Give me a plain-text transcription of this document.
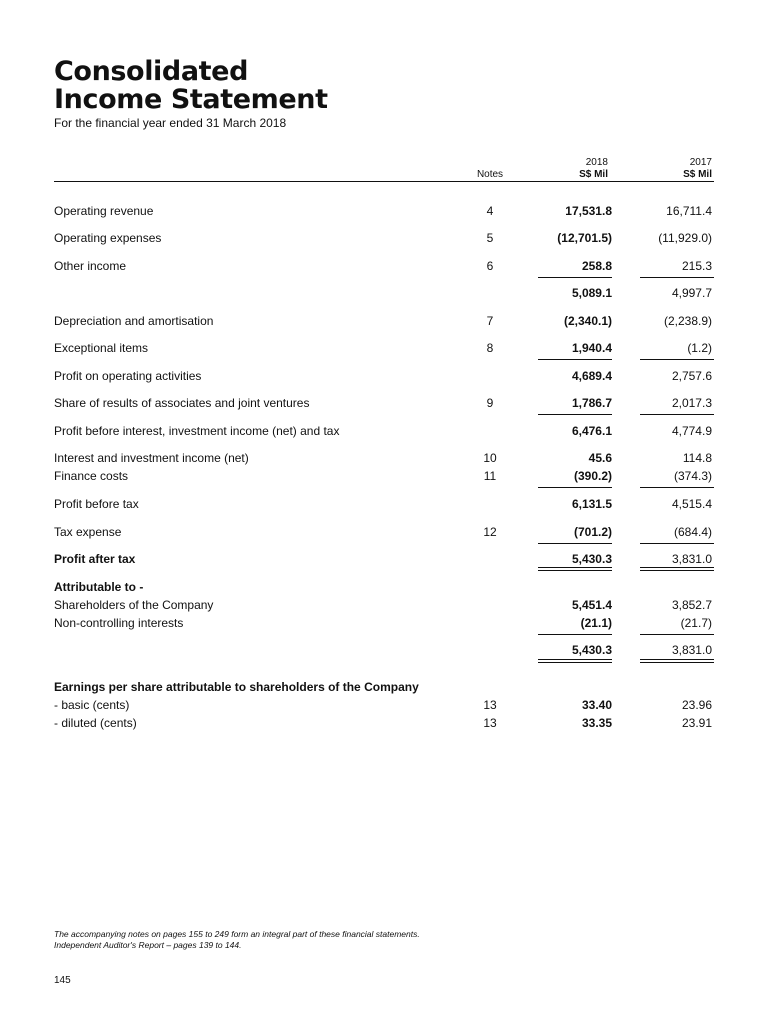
Consolidated
Income Statement
For the financial year ended 31 March 2018
Notes
2018
S$ Mil
2017
S$ Mil
Operating revenue	4	17,531.8	16,711.4
Operating expenses	5	(12,701.5)	(11,929.0)
Other income	6	258.8	215.3
5,089.1	4,997.7
Depreciation and amortisation	7	(2,340.1)	(2,238.9)
Exceptional items	8	1,940.4	(1.2)
Profit on operating activities	4,689.4	2,757.6
Share of results of associates and joint ventures	9	1,786.7	2,017.3
Profit before interest, investment income (net) and tax	6,476.1	4,774.9
Interest and investment income (net)	10	45.6	114.8
Finance costs	11	(390.2)	(374.3)
Profit before tax	6,131.5	4,515.4
Tax expense	12	(701.2)	(684.4)
Profit after tax	5,430.3	3,831.0
Attributable to -
Shareholders of the Company	5,451.4	3,852.7
Non-controlling interests	(21.1)	(21.7)
5,430.3	3,831.0
Earnings per share attributable to shareholders of the Company
- basic (cents)	13	33.40	23.96
- diluted (cents)	13	33.35	23.91
The accompanying notes on pages 155 to 249 form an integral part of these financial statements.
Independent Auditor's Report – pages 139 to 144.
145
